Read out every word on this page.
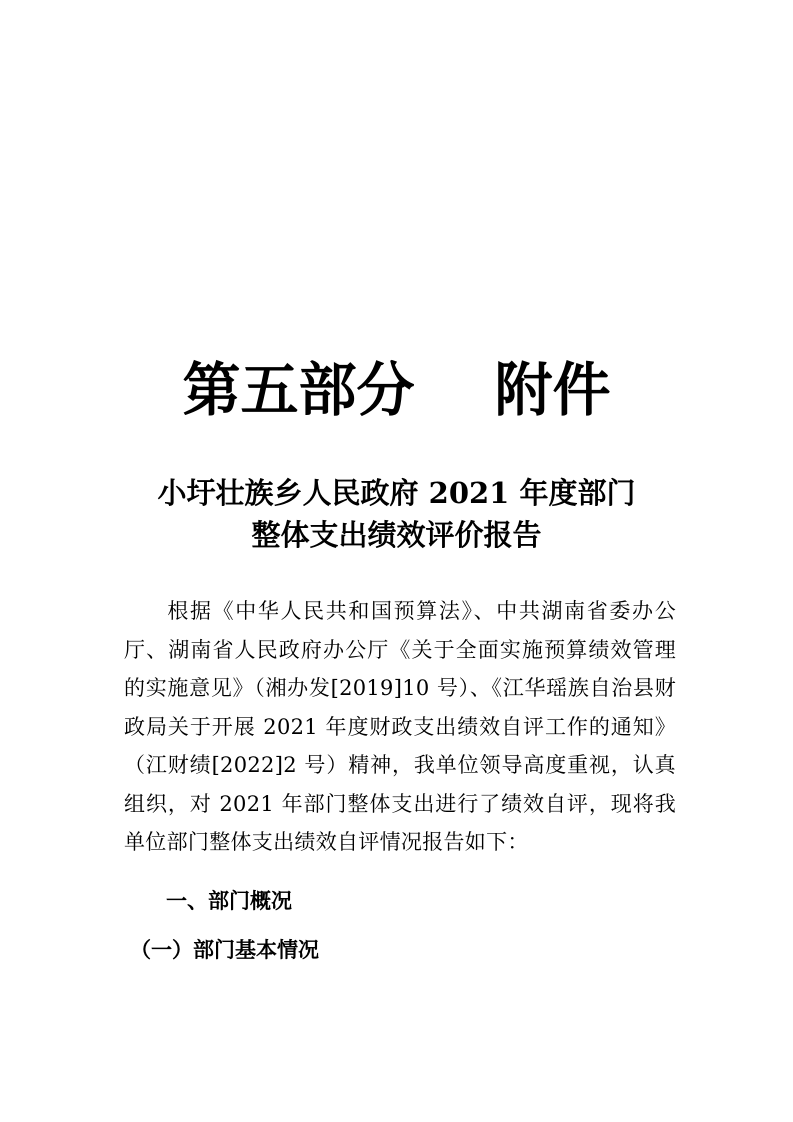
第五部分 附件
小圩壮族乡人民政府 2021 年度部门
整体支出绩效评价报告
根据《中华人民共和国预算法》、中共湖南省委办公厅、湖南省人民政府办公厅《关于全面实施预算绩效管理的实施意见》（湘办发[2019]10 号）、《江华瑶族自治县财政局关于开展 2021 年度财政支出绩效自评工作的通知》（江财绩[2022]2 号）精神，我单位领导高度重视，认真组织，对 2021 年部门整体支出进行了绩效自评，现将我单位部门整体支出绩效自评情况报告如下：
一、部门概况
（一）部门基本情况
